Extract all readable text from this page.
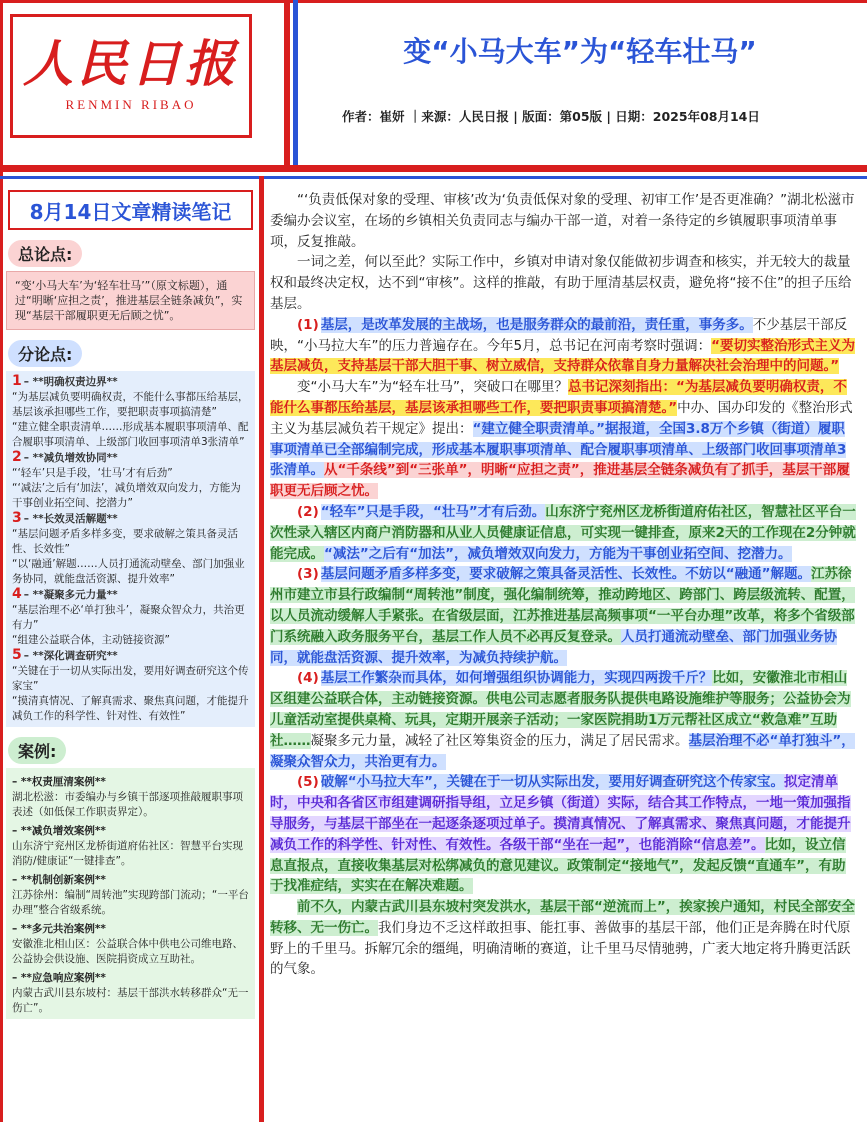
人民日报
RENMIN RIBAO
变“小马大车”为“轻车壮马”
作者：崔妍 ｜来源：人民日报 | 版面：第05版 | 日期：2025年08月14日
8月14日文章精读笔记
总论点:
“变‘小马大车’为‘轻车壮马’”（原文标题），通过“明晰‘应担之责’，推进基层全链条减负”，实现“基层干部履职更无后顾之忧”。
分论点:
1 – **明确权责边界**
“为基层减负要明确权责，不能什么事都压给基层，基层该承担哪些工作，要把职责事项搞清楚”
“建立健全职责清单……形成基本履职事项清单、配合履职事项清单、上级部门收回事项清单3张清单”
2 – **减负增效协同**
“‘轻车’只是手段，‘壮马’才有后劲”
“‘减法’之后有‘加法’，减负增效双向发力，方能为干事创业拓空间、挖潜力”
3 – **长效灵活解题**
“基层问题矛盾多样多变，要求破解之策具备灵活性、长效性”
“以‘融通’解题……人员打通流动壁垒、部门加强业务协同，就能盘活资源、提升效率”
4 – **凝聚多元力量**
“基层治理不必‘单打独斗’，凝聚众智众力，共治更有力”
“组建公益联合体，主动链接资源”
5 – **深化调查研究**
“关键在于一切从实际出发，要用好调查研究这个传家宝”
“摸清真情况、了解真需求、聚焦真问题，才能提升减负工作的科学性、针对性、有效性”
案例:
– **权责厘清案例**
湖北松滋：市委编办与乡镇干部逐项推敲履职事项表述（如低保工作职责界定）。
– **减负增效案例**
山东济宁兖州区龙桥街道府佑社区：智慧平台实现消防/健康证“一键排查”。
– **机制创新案例**
江苏徐州：编制“周转池”实现跨部门流动；“一平台办理”整合省级系统。
– **多元共治案例**
安徽淮北相山区：公益联合体中供电公司维电路、公益协会供设施、医院捐资成立互助社。
– **应急响应案例**
内蒙古武川县东坡村：基层干部洪水转移群众“无一伤亡”。

“‘负责低保对象的受理、审核’改为‘负责低保对象的受理、初审工作’是否更准确？”湖北松滋市委编办会议室，在场的乡镇相关负责同志与编办干部一道，对着一条待定的乡镇履职事项清单事项，反复推敲。

一词之差，何以至此？实际工作中，乡镇对申请对象仅能做初步调查和核实，并无较大的裁量权和最终决定权，达不到“审核”。这样的推敲，有助于厘清基层权责，避免将“接不住”的担子压给基层。

(1) 基层，是改革发展的主战场，也是服务群众的最前沿，责任重，事务多。不少基层干部反映，“小马拉大车”的压力普遍存在。今年5月，总书记在河南考察时强调：“要切实整治形式主义为基层减负，支持基层干部大胆干事、树立威信，支持群众依靠自身力量解决社会治理中的问题。”

变“小马大车”为“轻车壮马”，突破口在哪里？总书记深刻指出：“为基层减负要明确权责，不能什么事都压给基层，基层该承担哪些工作，要把职责事项搞清楚。”中办、国办印发的《整治形式主义为基层减负若干规定》提出：“建立健全职责清单。”据报道，全国3.8万个乡镇（街道）履职事项清单已全部编制完成，形成基本履职事项清单、配合履职事项清单、上级部门收回事项清单3张清单。从“千条线”到“三张单”，明晰“应担之责”，推进基层全链条减负有了抓手，基层干部履职更无后顾之忧。

(2) “轻车”只是手段，“壮马”才有后劲。山东济宁兖州区龙桥街道府佑社区，智慧社区平台一次性录入辖区内商户消防器和从业人员健康证信息，可实现一键排查，原来2天的工作现在2分钟就能完成。“减法”之后有“加法”，减负增效双向发力，方能为干事创业拓空间、挖潜力。

(3) 基层问题矛盾多样多变，要求破解之策具备灵活性、长效性。不妨以“融通”解题。江苏徐州市建立市县行政编制“周转池”制度，强化编制统筹，推动跨地区、跨部门、跨层级流转、配置，以人员流动缓解人手紧张。在省级层面，江苏推进基层高频事项“一平台办理”改革，将多个省级部门系统融入政务服务平台，基层工作人员不必再反复登录。人员打通流动壁垒、部门加强业务协同，就能盘活资源、提升效率，为减负持续护航。

(4) 基层工作繁杂而具体，如何增强组织协调能力，实现四两拨千斤？比如，安徽淮北市相山区组建公益联合体，主动链接资源。供电公司志愿者服务队提供电路设施维护等服务；公益协会为儿童活动室提供桌椅、玩具，定期开展亲子活动；一家医院捐助1万元帮社区成立“救急难”互助社……凝聚多元力量，减轻了社区筹集资金的压力，满足了居民需求。基层治理不必“单打独斗”，凝聚众智众力，共治更有力。

(5) 破解“小马拉大车”，关键在于一切从实际出发，要用好调查研究这个传家宝。拟定清单时，中央和各省区市组建调研指导组，立足乡镇（街道）实际，结合其工作特点，一地一策加强指导服务，与基层干部坐在一起逐条逐项过单子。摸清真情况、了解真需求、聚焦真问题，才能提升减负工作的科学性、针对性、有效性。各级干部“坐在一起”，也能消除“信息差”。比如，设立信息直报点，直接收集基层对松绑减负的意见建议。政策制定“接地气”，发起反馈“直通车”，有助于找准症结，实实在在解决难题。

前不久，内蒙古武川县东坡村突发洪水，基层干部“逆流而上”，挨家挨户通知，村民全部安全转移、无一伤亡。我们身边不乏这样敢担事、能扛事、善做事的基层干部，他们正是奔腾在时代原野上的千里马。拆解冗余的缰绳，明确清晰的赛道，让千里马尽情驰骋，广袤大地定将升腾更活跃的气象。
